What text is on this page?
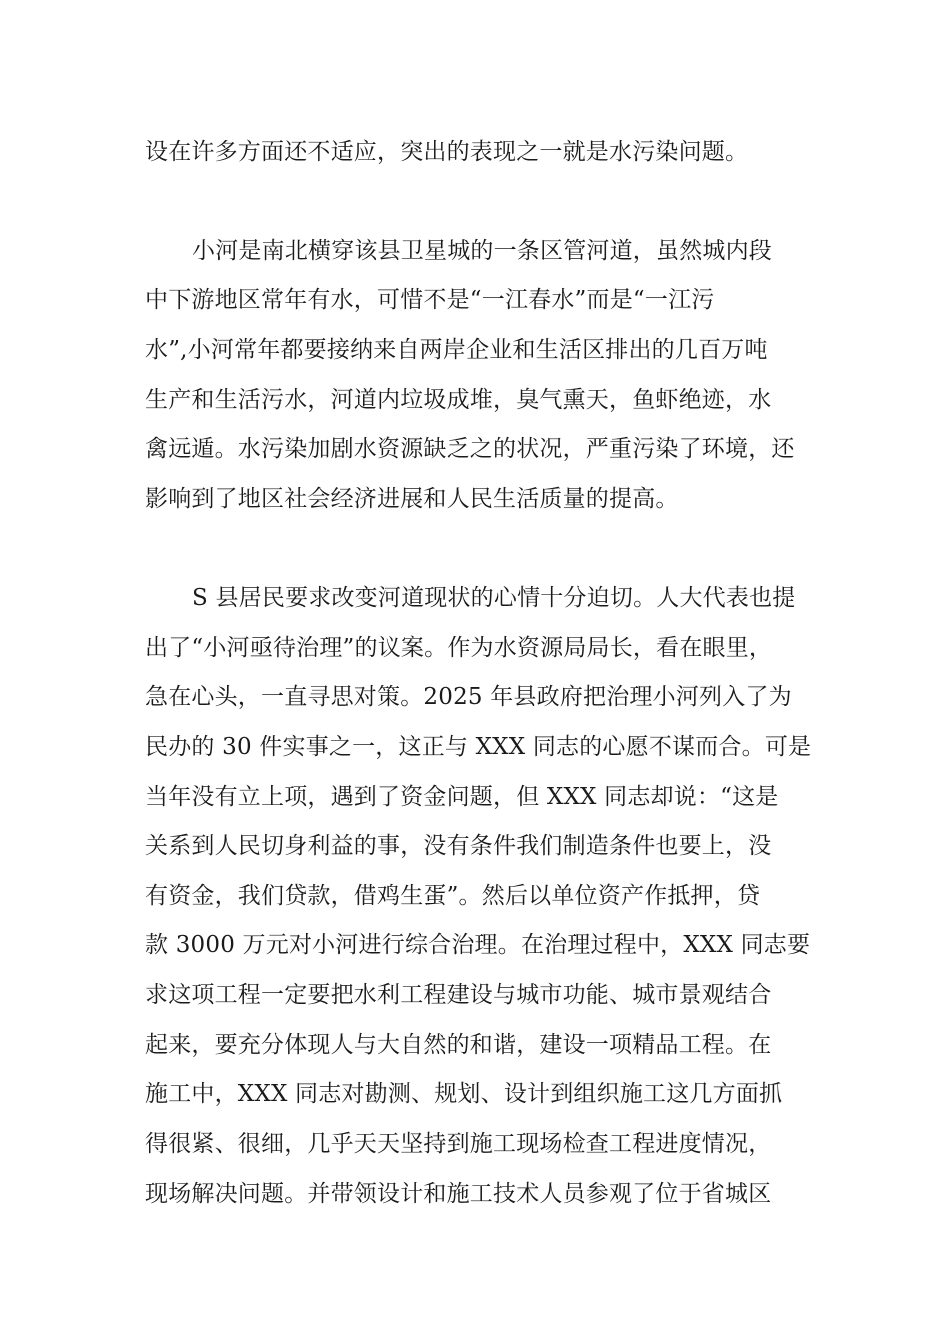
设在许多方面还不适应，突出的表现之一就是水污染问题。
小河是南北横穿该县卫星城的一条区管河道，虽然城内段
中下游地区常年有水，可惜不是“一江春水”而是“一江污
水”,小河常年都要接纳来自两岸企业和生活区排出的几百万吨
生产和生活污水，河道内垃圾成堆，臭气熏天，鱼虾绝迹，水
禽远遁。水污染加剧水资源缺乏之的状况，严重污染了环境，还
影响到了地区社会经济进展和人民生活质量的提高。
S 县居民要求改变河道现状的心情十分迫切。人大代表也提
出了“小河亟待治理”的议案。作为水资源局局长，看在眼里，
急在心头，一直寻思对策。2025 年县政府把治理小河列入了为
民办的 30 件实事之一，这正与 XXX 同志的心愿不谋而合。可是
当年没有立上项，遇到了资金问题，但 XXX 同志却说：“这是
关系到人民切身利益的事，没有条件我们制造条件也要上，没
有资金，我们贷款，借鸡生蛋”。然后以单位资产作抵押，贷
款 3000 万元对小河进行综合治理。在治理过程中，XXX 同志要
求这项工程一定要把水利工程建设与城市功能、城市景观结合
起来，要充分体现人与大自然的和谐，建设一项精品工程。在
施工中，XXX 同志对勘测、规划、设计到组织施工这几方面抓
得很紧、很细，几乎天天坚持到施工现场检查工程进度情况，
现场解决问题。并带领设计和施工技术人员参观了位于省城区
